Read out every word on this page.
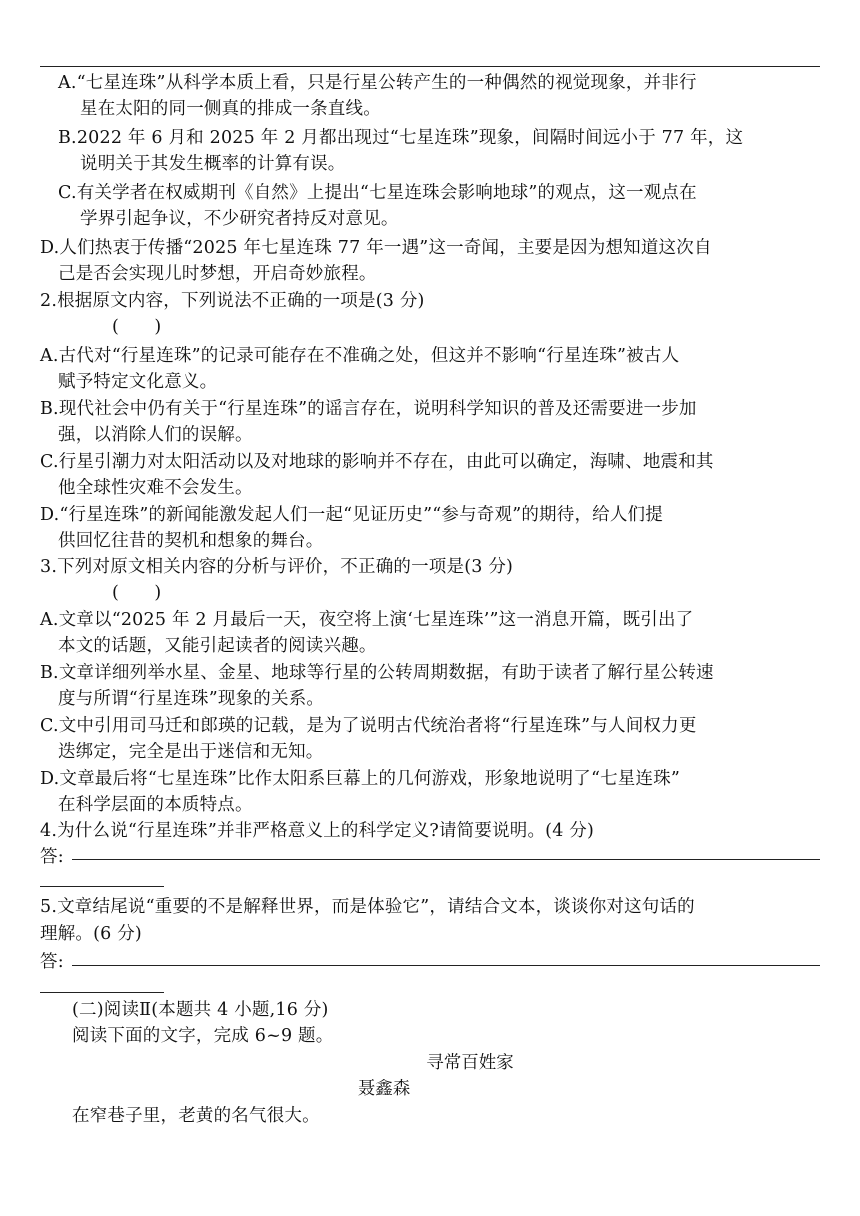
A.“七星连珠”从科学本质上看，只是行星公转产生的一种偶然的视觉现象，并非行
星在太阳的同一侧真的排成一条直线。
B.2022 年 6 月和 2025 年 2 月都出现过“七星连珠”现象，间隔时间远小于 77 年，这
说明关于其发生概率的计算有误。
C.有关学者在权威期刊《自然》上提出“七星连珠会影响地球”的观点，这一观点在
学界引起争议，不少研究者持反对意见。
D.人们热衷于传播“2025 年七星连珠 77 年一遇”这一奇闻，主要是因为想知道这次自
己是否会实现儿时梦想，开启奇妙旅程。
2.根据原文内容，下列说法不正确的一项是(3 分)
(　　)
A.古代对“行星连珠”的记录可能存在不准确之处，但这并不影响“行星连珠”被古人
赋予特定文化意义。
B.现代社会中仍有关于“行星连珠”的谣言存在，说明科学知识的普及还需要进一步加
强，以消除人们的误解。
C.行星引潮力对太阳活动以及对地球的影响并不存在，由此可以确定，海啸、地震和其
他全球性灾难不会发生。
D.“行星连珠”的新闻能激发起人们一起“见证历史”“参与奇观”的期待，给人们提
供回忆往昔的契机和想象的舞台。
3.下列对原文相关内容的分析与评价，不正确的一项是(3 分)
(　　)
A.文章以“2025 年 2 月最后一天，夜空将上演‘七星连珠’”这一消息开篇，既引出了
本文的话题，又能引起读者的阅读兴趣。
B.文章详细列举水星、金星、地球等行星的公转周期数据，有助于读者了解行星公转速
度与所谓“行星连珠”现象的关系。
C.文中引用司马迁和郎瑛的记载，是为了说明古代统治者将“行星连珠”与人间权力更
迭绑定，完全是出于迷信和无知。
D.文章最后将“七星连珠”比作太阳系巨幕上的几何游戏，形象地说明了“七星连珠”
在科学层面的本质特点。
4.为什么说“行星连珠”并非严格意义上的科学定义?请简要说明。(4 分)
答:
5.文章结尾说“重要的不是解释世界，而是体验它”，请结合文本，谈谈你对这句话的
理解。(6 分)
答:
(二)阅读Ⅱ(本题共 4 小题,16 分)
阅读下面的文字，完成 6~9 题。
寻常百姓家
聂鑫森
在窄巷子里，老黄的名气很大。
